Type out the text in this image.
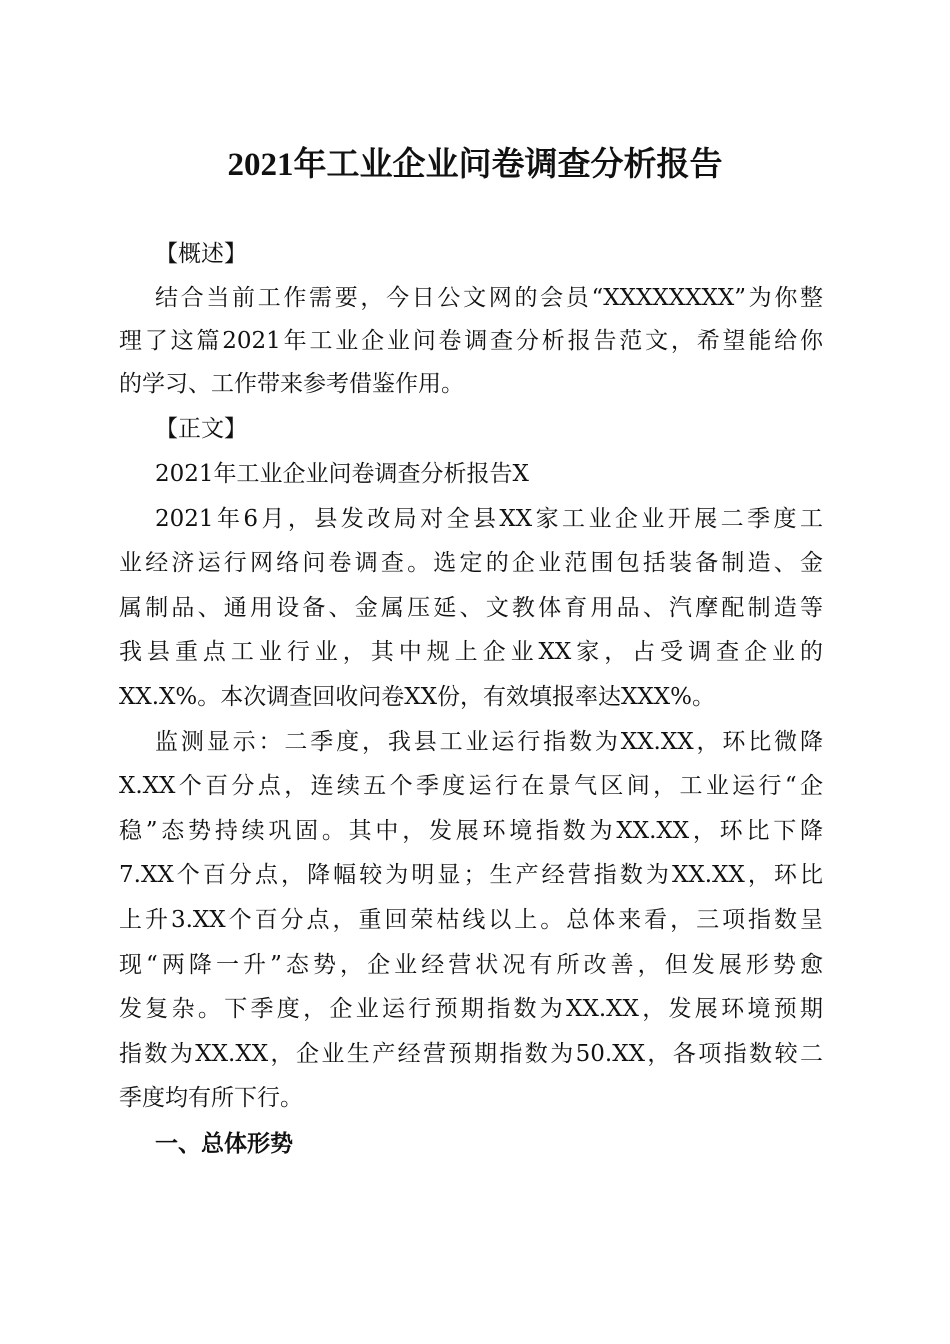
2021年工业企业问卷调查分析报告
【概述】
结合当前工作需要，今日公文网的会员“XXXXXXXX”为你整
理了这篇2021年工业企业问卷调查分析报告范文，希望能给你
的学习、工作带来参考借鉴作用。
【正文】
2021年工业企业问卷调查分析报告X
2021年6月，县发改局对全县XX家工业企业开展二季度工
业经济运行网络问卷调查。选定的企业范围包括装备制造、金
属制品、通用设备、金属压延、文教体育用品、汽摩配制造等
我县重点工业行业，其中规上企业XX家，占受调查企业的
XX.X%。本次调查回收问卷XX份，有效填报率达XXX%。
监测显示：二季度，我县工业运行指数为XX.XX，环比微降
X.XX个百分点，连续五个季度运行在景气区间，工业运行“企
稳”态势持续巩固。其中，发展环境指数为XX.XX，环比下降
7.XX个百分点，降幅较为明显；生产经营指数为XX.XX，环比
上升3.XX个百分点，重回荣枯线以上。总体来看，三项指数呈
现“两降一升”态势，企业经营状况有所改善，但发展形势愈
发复杂。下季度，企业运行预期指数为XX.XX，发展环境预期
指数为XX.XX，企业生产经营预期指数为50.XX，各项指数较二
季度均有所下行。
一、总体形势
